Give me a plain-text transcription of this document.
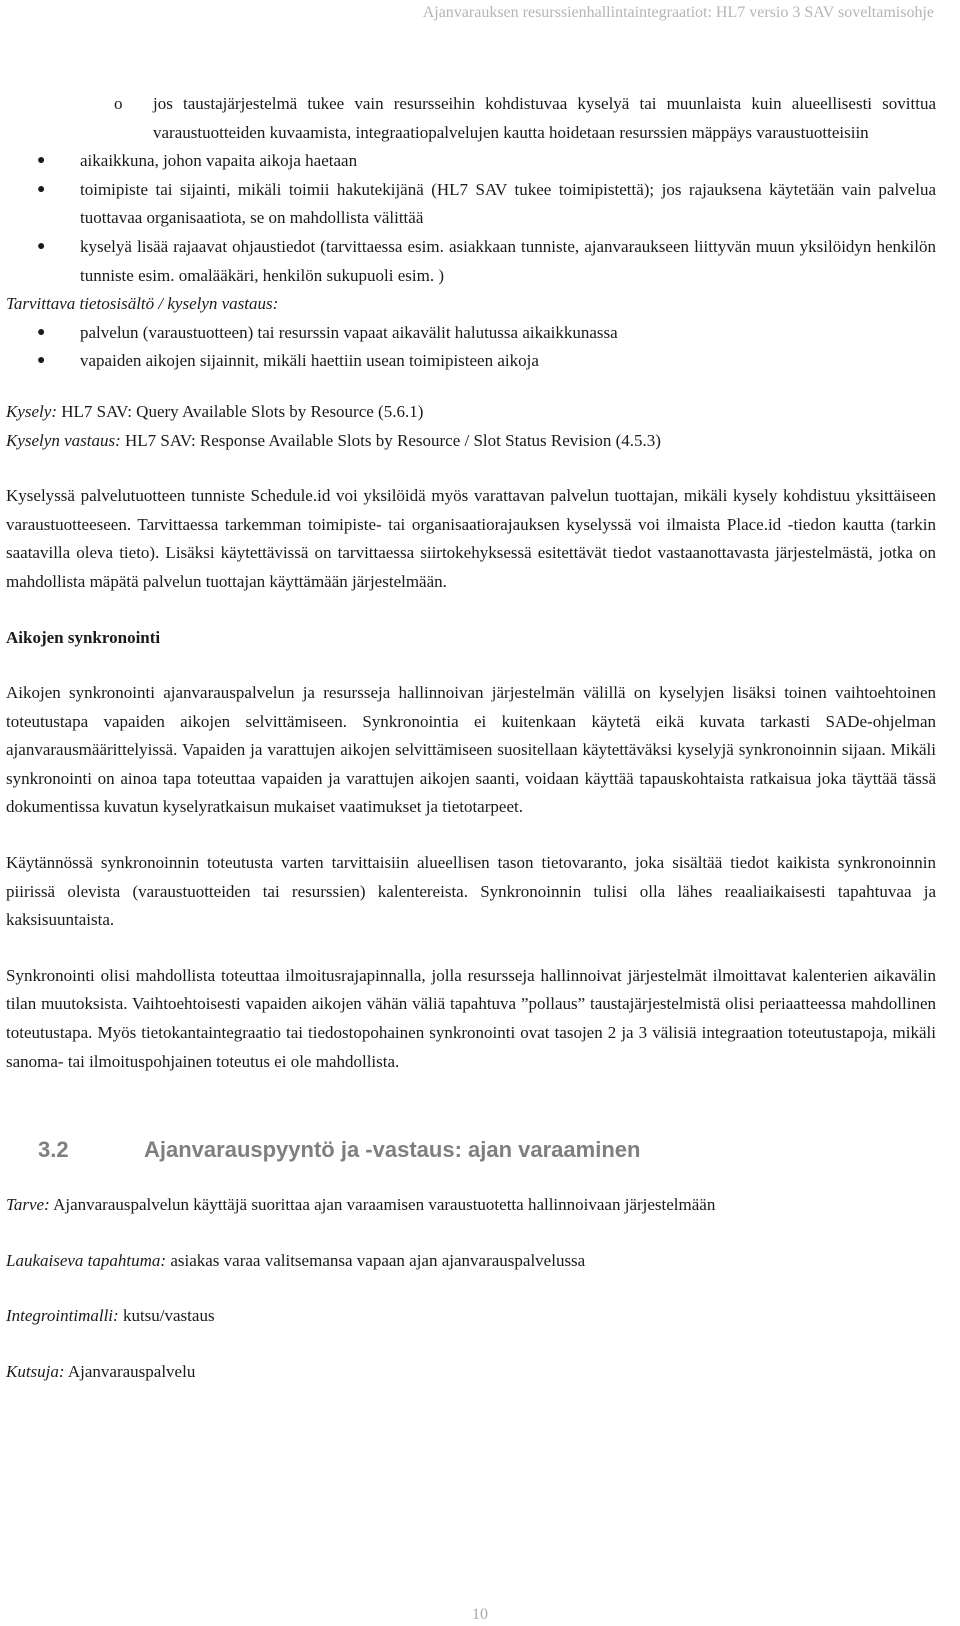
Ajanvarauksen resurssienhallintaintegraatiot: HL7 versio 3 SAV soveltamisohje
o jos taustajärjestelmä tukee vain resursseihin kohdistuvaa kyselyä tai muunlaista kuin alueellisesti sovittua varaustuotteiden kuvaamista, integraatiopalvelujen kautta hoidetaan resurssien mäppäys varaustuotteisiin
● aikaikkuna, johon vapaita aikoja haetaan
● toimipiste tai sijainti, mikäli toimii hakutekijänä (HL7 SAV tukee toimipistettä); jos rajauksena käytetään vain palvelua tuottavaa organisaatiota, se on mahdollista välittää
● kyselyä lisää rajaavat ohjaustiedot (tarvittaessa esim. asiakkaan tunniste, ajanvaraukseen liittyvän muun yksilöidyn henkilön tunniste esim. omalääkäri, henkilön sukupuoli esim. )

Tarvittava tietosisältö / kyselyn vastaus:

● palvelun (varaustuotteen) tai resurssin vapaat aikavälit halutussa aikaikkunassa
● vapaiden aikojen sijainnit, mikäli haettiin usean toimipisteen aikoja

Kysely: HL7 SAV: Query Available Slots by Resource (5.6.1)

Kyselyn vastaus: HL7 SAV: Response Available Slots by Resource / Slot Status Revision (4.5.3)

Kyselyssä palvelutuotteen tunniste Schedule.id voi yksilöidä myös varattavan palvelun tuottajan, mikäli kysely kohdistuu yksittäiseen varaustuotteeseen. Tarvittaessa tarkemman toimipiste- tai organisaatiorajauksen kyselyssä voi ilmaista Place.id -tiedon kautta (tarkin saatavilla oleva tieto). Lisäksi käytettävissä on tarvittaessa siirtokehyksessä esitettävät tiedot vastaanottavasta järjestelmästä, jotka on mahdollista mäpätä palvelun tuottajan käyttämään järjestelmään.

Aikojen synkronointi

Aikojen synkronointi ajanvarauspalvelun ja resursseja hallinnoivan järjestelmän välillä on kyselyjen lisäksi toinen vaihtoehtoinen toteutustapa vapaiden aikojen selvittämiseen. Synkronointia ei kuitenkaan käytetä eikä kuvata tarkasti SADe-ohjelman ajanvarausmäärittelyissä. Vapaiden ja varattujen aikojen selvittämiseen suositellaan käytettäväksi kyselyjä synkronoinnin sijaan. Mikäli synkronointi on ainoa tapa toteuttaa vapaiden ja varattujen aikojen saanti, voidaan käyttää tapauskohtaista ratkaisua joka täyttää tässä dokumentissa kuvatun kyselyratkaisun mukaiset vaatimukset ja tietotarpeet.

Käytännössä synkronoinnin toteutusta varten tarvittaisiin alueellisen tason tietovaranto, joka sisältää tiedot kaikista synkronoinnin piirissä olevista (varaustuotteiden tai resurssien) kalentereista. Synkronoinnin tulisi olla lähes reaaliaikaisesti tapahtuvaa ja kaksisuuntaista.

Synkronointi olisi mahdollista toteuttaa ilmoitusrajapinnalla, jolla resursseja hallinnoivat järjestelmät ilmoittavat kalenterien aikavälin tilan muutoksista. Vaihtoehtoisesti vapaiden aikojen vähän väliä tapahtuva ”pollaus” taustajärjestelmistä olisi periaatteessa mahdollinen toteutustapa. Myös tietokantaintegraatio tai tiedostopohainen synkronointi ovat tasojen 2 ja 3 välisiä integraation toteutustapoja, mikäli sanoma- tai ilmoituspohjainen toteutus ei ole mahdollista.

3.2	Ajanvarauspyyntö ja -vastaus: ajan varaaminen

Tarve: Ajanvarauspalvelun käyttäjä suorittaa ajan varaamisen varaustuotetta hallinnoivaan järjestelmään

Laukaiseva tapahtuma: asiakas varaa valitsemansa vapaan ajan ajanvarauspalvelussa

Integrointimalli: kutsu/vastaus

Kutsuja: Ajanvarauspalvelu

10
